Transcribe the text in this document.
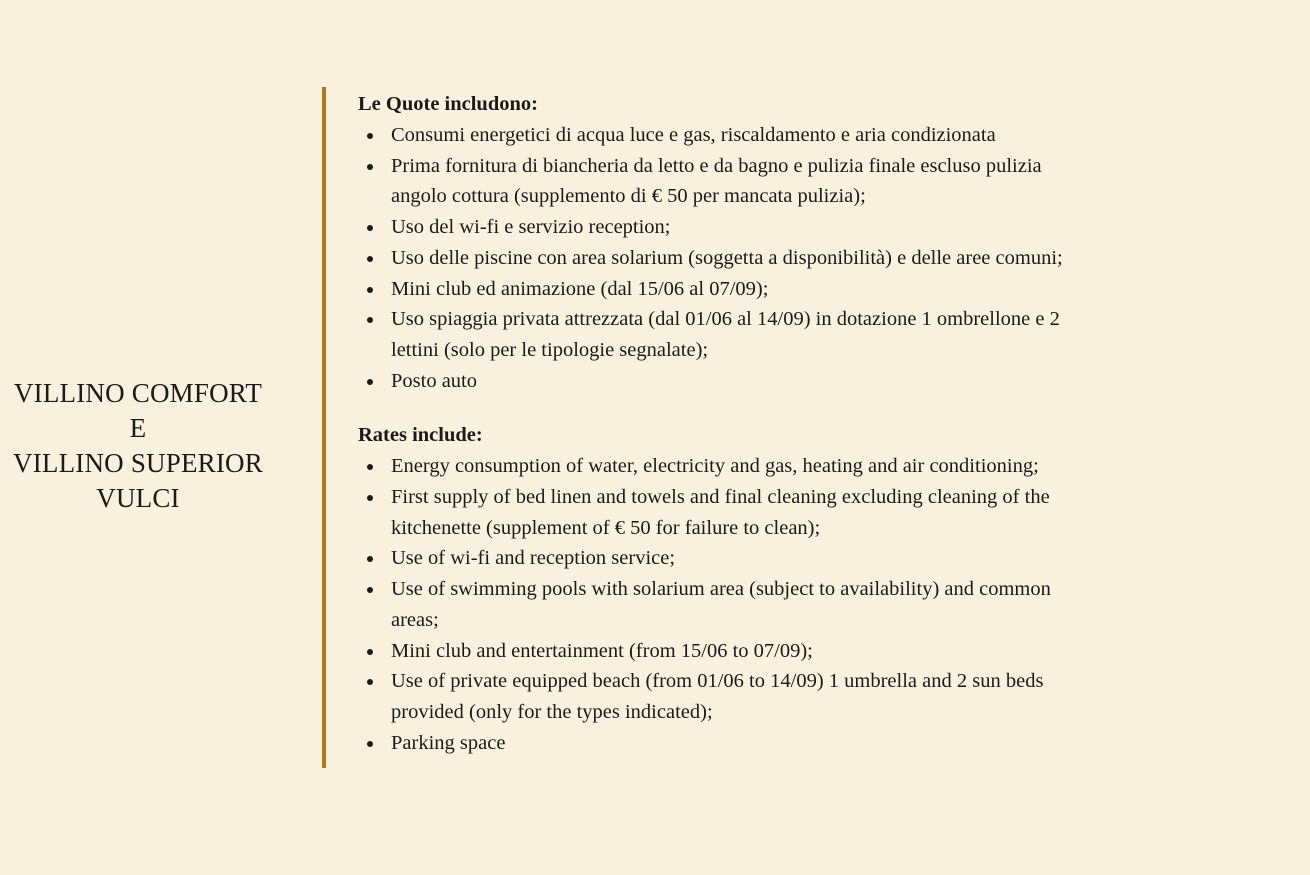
VILLINO COMFORT
E
VILLINO SUPERIOR
VULCI
Le Quote includono:
Consumi energetici di acqua luce e gas, riscaldamento e aria condizionata
Prima fornitura di biancheria da letto e da bagno e pulizia finale escluso pulizia
angolo cottura (supplemento di € 50 per mancata pulizia);
Uso del wi-fi e servizio reception;
Uso delle piscine con area solarium (soggetta a disponibilità) e delle aree comuni;
Mini club ed animazione (dal 15/06 al 07/09);
Uso spiaggia privata attrezzata (dal 01/06 al 14/09) in dotazione 1 ombrellone e 2
lettini (solo per le tipologie segnalate);
Posto auto
Rates include:
Energy consumption of water, electricity and gas, heating and air conditioning;
First supply of bed linen and towels and final cleaning excluding cleaning of the
kitchenette (supplement of € 50 for failure to clean);
Use of wi-fi and reception service;
Use of swimming pools with solarium area (subject to availability) and common
areas;
Mini club and entertainment (from 15/06 to 07/09);
Use of private equipped beach (from 01/06 to 14/09) 1 umbrella and 2 sun beds
provided (only for the types indicated);
Parking space
